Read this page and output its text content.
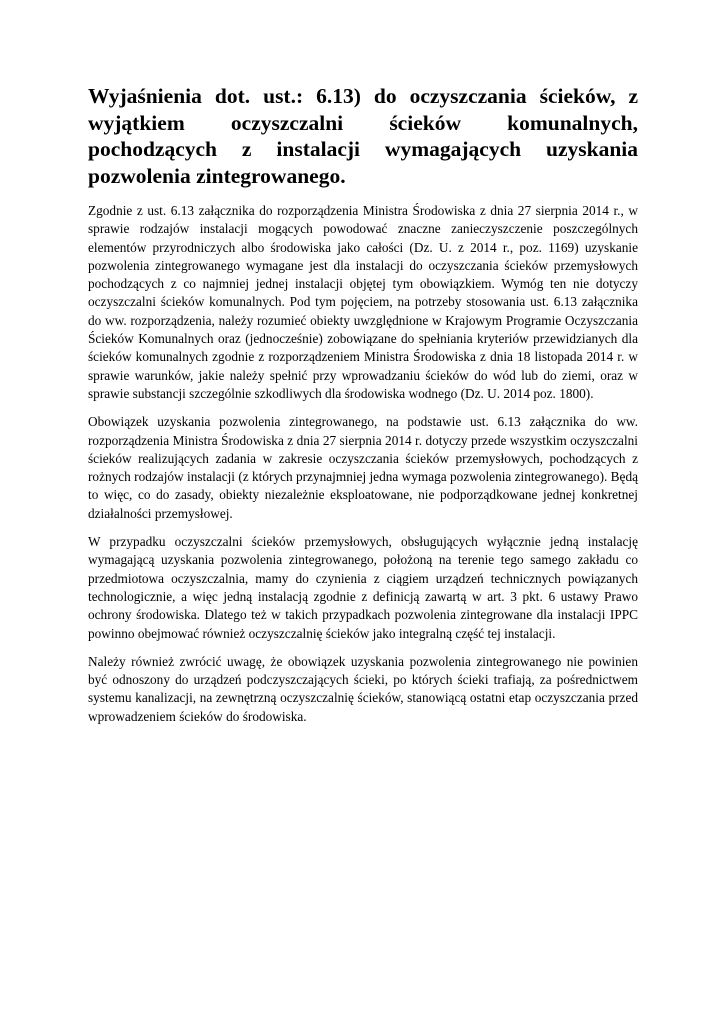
Wyjaśnienia dot. ust.: 6.13) do oczyszczania ścieków, z wyjątkiem oczyszczalni ścieków komunalnych, pochodzących z instalacji wymagających uzyskania pozwolenia zintegrowanego.

Zgodnie z ust. 6.13 załącznika do rozporządzenia Ministra Środowiska z dnia 27 sierpnia 2014 r., w sprawie rodzajów instalacji mogących powodować znaczne zanieczyszczenie poszczególnych elementów przyrodniczych albo środowiska jako całości (Dz. U. z 2014 r., poz. 1169) uzyskanie pozwolenia zintegrowanego wymagane jest dla instalacji do oczyszczania ścieków przemysłowych pochodzących z co najmniej jednej instalacji objętej tym obowiązkiem. Wymóg ten nie dotyczy oczyszczalni ścieków komunalnych. Pod tym pojęciem, na potrzeby stosowania ust. 6.13 załącznika do ww. rozporządzenia, należy rozumieć obiekty uwzględnione w Krajowym Programie Oczyszczania Ścieków Komunalnych oraz (jednocześnie) zobowiązane do spełniania kryteriów przewidzianych dla ścieków komunalnych zgodnie z rozporządzeniem Ministra Środowiska z dnia 18 listopada 2014 r. w sprawie warunków, jakie należy spełnić przy wprowadzaniu ścieków do wód lub do ziemi, oraz w sprawie substancji szczególnie szkodliwych dla środowiska wodnego (Dz. U. 2014 poz. 1800).

Obowiązek uzyskania pozwolenia zintegrowanego, na podstawie ust. 6.13 załącznika do ww. rozporządzenia Ministra Środowiska z dnia 27 sierpnia 2014 r. dotyczy przede wszystkim oczyszczalni ścieków realizujących zadania w zakresie oczyszczania ścieków przemysłowych, pochodzących z rożnych rodzajów instalacji (z których przynajmniej jedna wymaga pozwolenia zintegrowanego). Będą to więc, co do zasady, obiekty niezależnie eksploatowane, nie podporządkowane jednej konkretnej działalności przemysłowej.

W przypadku oczyszczalni ścieków przemysłowych, obsługujących wyłącznie jedną instalację wymagającą uzyskania pozwolenia zintegrowanego, położoną na terenie tego samego zakładu co przedmiotowa oczyszczalnia, mamy do czynienia z ciągiem urządzeń technicznych powiązanych technologicznie, a więc jedną instalacją zgodnie z definicją zawartą w art. 3 pkt. 6 ustawy Prawo ochrony środowiska. Dlatego też w takich przypadkach pozwolenia zintegrowane dla instalacji IPPC powinno obejmować również oczyszczalnię ścieków jako integralną część tej instalacji.

Należy również zwrócić uwagę, że obowiązek uzyskania pozwolenia zintegrowanego nie powinien być odnoszony do urządzeń podczyszczających ścieki, po których ścieki trafiają, za pośrednictwem systemu kanalizacji, na zewnętrzną oczyszczalnię ścieków, stanowiącą ostatni etap oczyszczania przed wprowadzeniem ścieków do środowiska.
